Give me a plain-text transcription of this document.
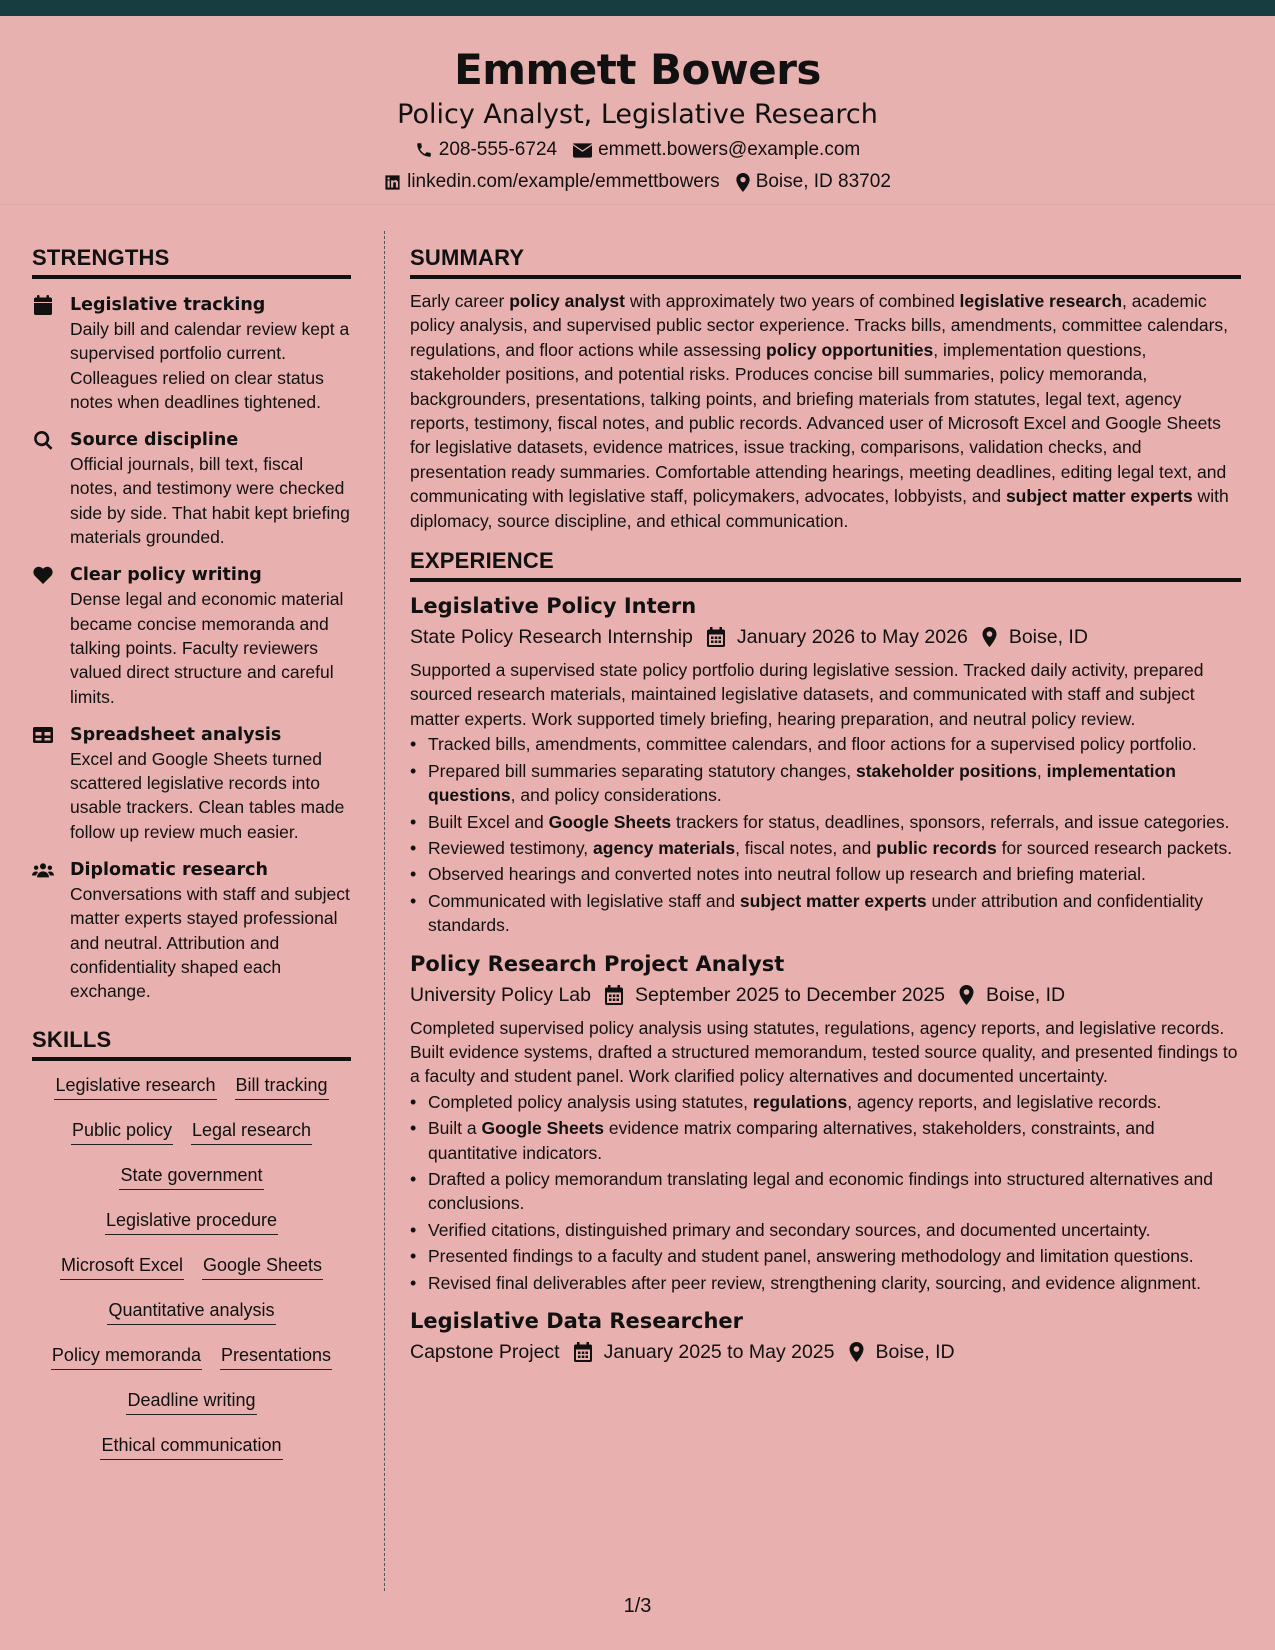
Emmett Bowers
Policy Analyst, Legislative Research
208-555-6724 emmett.bowers@example.com
linkedin.com/example/emmettbowers Boise, ID 83702
STRENGTHS
Legislative tracking
Daily bill and calendar review kept a supervised portfolio current. Colleagues relied on clear status notes when deadlines tightened.
Source discipline
Official journals, bill text, fiscal notes, and testimony were checked side by side. That habit kept briefing materials grounded.
Clear policy writing
Dense legal and economic material became concise memoranda and talking points. Faculty reviewers valued direct structure and careful limits.
Spreadsheet analysis
Excel and Google Sheets turned scattered legislative records into usable trackers. Clean tables made follow up review much easier.
Diplomatic research
Conversations with staff and subject matter experts stayed professional and neutral. Attribution and confidentiality shaped each exchange.
SKILLS
Legislative research Bill tracking
Public policy Legal research
State government
Legislative procedure
Microsoft Excel Google Sheets
Quantitative analysis
Policy memoranda Presentations
Deadline writing
Ethical communication
SUMMARY

Early career policy analyst with approximately two years of combined legislative research, academic policy analysis, and supervised public sector experience. Tracks bills, amendments, committee calendars, regulations, and floor actions while assessing policy opportunities, implementation questions, stakeholder positions, and potential risks. Produces concise bill summaries, policy memoranda, backgrounders, presentations, talking points, and briefing materials from statutes, legal text, agency reports, testimony, fiscal notes, and public records. Advanced user of Microsoft Excel and Google Sheets for legislative datasets, evidence matrices, issue tracking, comparisons, validation checks, and presentation ready summaries. Comfortable attending hearings, meeting deadlines, editing legal text, and communicating with legislative staff, policymakers, advocates, lobbyists, and subject matter experts with diplomacy, source discipline, and ethical communication.

EXPERIENCE
Legislative Policy Intern
State Policy Research Internship January 2026 to May 2026 Boise, ID

Supported a supervised state policy portfolio during legislative session. Tracked daily activity, prepared sourced research materials, maintained legislative datasets, and communicated with staff and subject matter experts. Work supported timely briefing, hearing preparation, and neutral policy review.

• Tracked bills, amendments, committee calendars, and floor actions for a supervised policy portfolio.
• Prepared bill summaries separating statutory changes, stakeholder positions, implementation questions, and policy considerations.
• Built Excel and Google Sheets trackers for status, deadlines, sponsors, referrals, and issue categories.
• Reviewed testimony, agency materials, fiscal notes, and public records for sourced research packets.
• Observed hearings and converted notes into neutral follow up research and briefing material.
• Communicated with legislative staff and subject matter experts under attribution and confidentiality standards.
Policy Research Project Analyst
University Policy Lab September 2025 to December 2025 Boise, ID

Completed supervised policy analysis using statutes, regulations, agency reports, and legislative records. Built evidence systems, drafted a structured memorandum, tested source quality, and presented findings to a faculty and student panel. Work clarified policy alternatives and documented uncertainty.

• Completed policy analysis using statutes, regulations, agency reports, and legislative records.
• Built a Google Sheets evidence matrix comparing alternatives, stakeholders, constraints, and quantitative indicators.
• Drafted a policy memorandum translating legal and economic findings into structured alternatives and conclusions.
• Verified citations, distinguished primary and secondary sources, and documented uncertainty.
• Presented findings to a faculty and student panel, answering methodology and limitation questions.
• Revised final deliverables after peer review, strengthening clarity, sourcing, and evidence alignment.
Legislative Data Researcher
Capstone Project January 2025 to May 2025 Boise, ID
1/3
